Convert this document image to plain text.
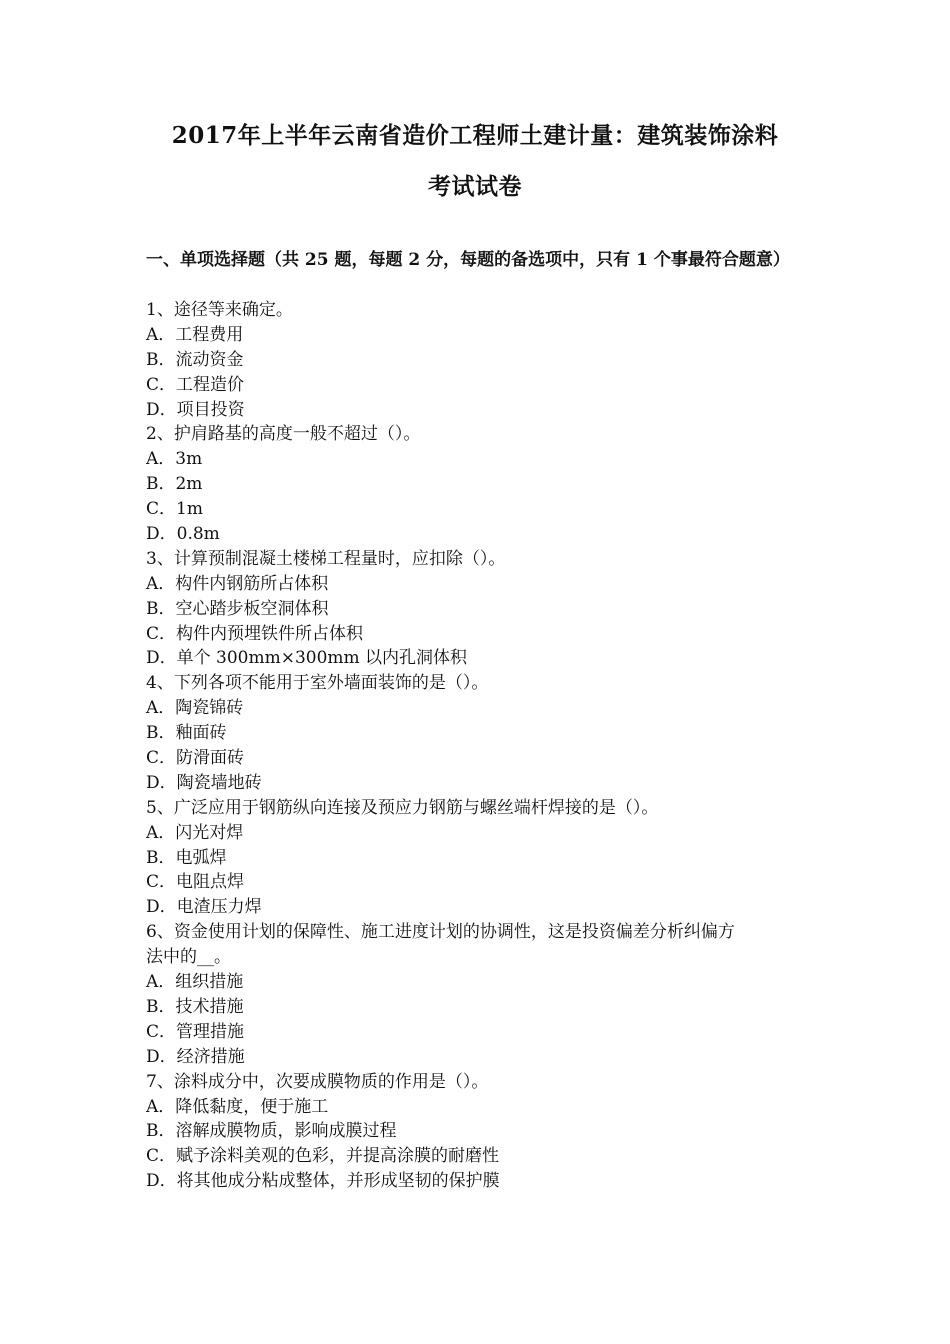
2017年上半年云南省造价工程师土建计量：建筑装饰涂料
考试试卷
一、单项选择题（共 25 题，每题 2 分，每题的备选项中，只有 1 个事最符合题意）
1、途径等来确定。
A．工程费用
B．流动资金
C．工程造价
D．项目投资
2、护肩路基的高度一般不超过（）。
A．3m
B．2m
C．1m
D．0.8m
3、计算预制混凝土楼梯工程量时，应扣除（）。
A．构件内钢筋所占体积
B．空心踏步板空洞体积
C．构件内预埋铁件所占体积
D．单个 300mm×300mm 以内孔洞体积
4、下列各项不能用于室外墙面装饰的是（）。
A．陶瓷锦砖
B．釉面砖
C．防滑面砖
D．陶瓷墙地砖
5、广泛应用于钢筋纵向连接及预应力钢筋与螺丝端杆焊接的是（）。
A．闪光对焊
B．电弧焊
C．电阻点焊
D．电渣压力焊
6、资金使用计划的保障性、施工进度计划的协调性，这是投资偏差分析纠偏方
法中的__。
A．组织措施
B．技术措施
C．管理措施
D．经济措施
7、涂料成分中，次要成膜物质的作用是（）。
A．降低黏度，便于施工
B．溶解成膜物质，影响成膜过程
C．赋予涂料美观的色彩，并提高涂膜的耐磨性
D．将其他成分粘成整体，并形成坚韧的保护膜
